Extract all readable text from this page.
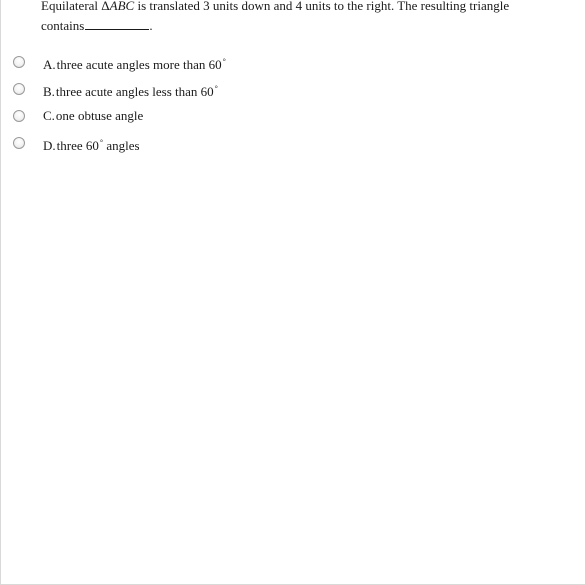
Equilateral ΔABC is translated 3 units down and 4 units to the right. The resulting triangle
contains	.
A.three acute angles more than 60°
B.three acute angles less than 60°
C.one obtuse angle
D.three 60° angles
